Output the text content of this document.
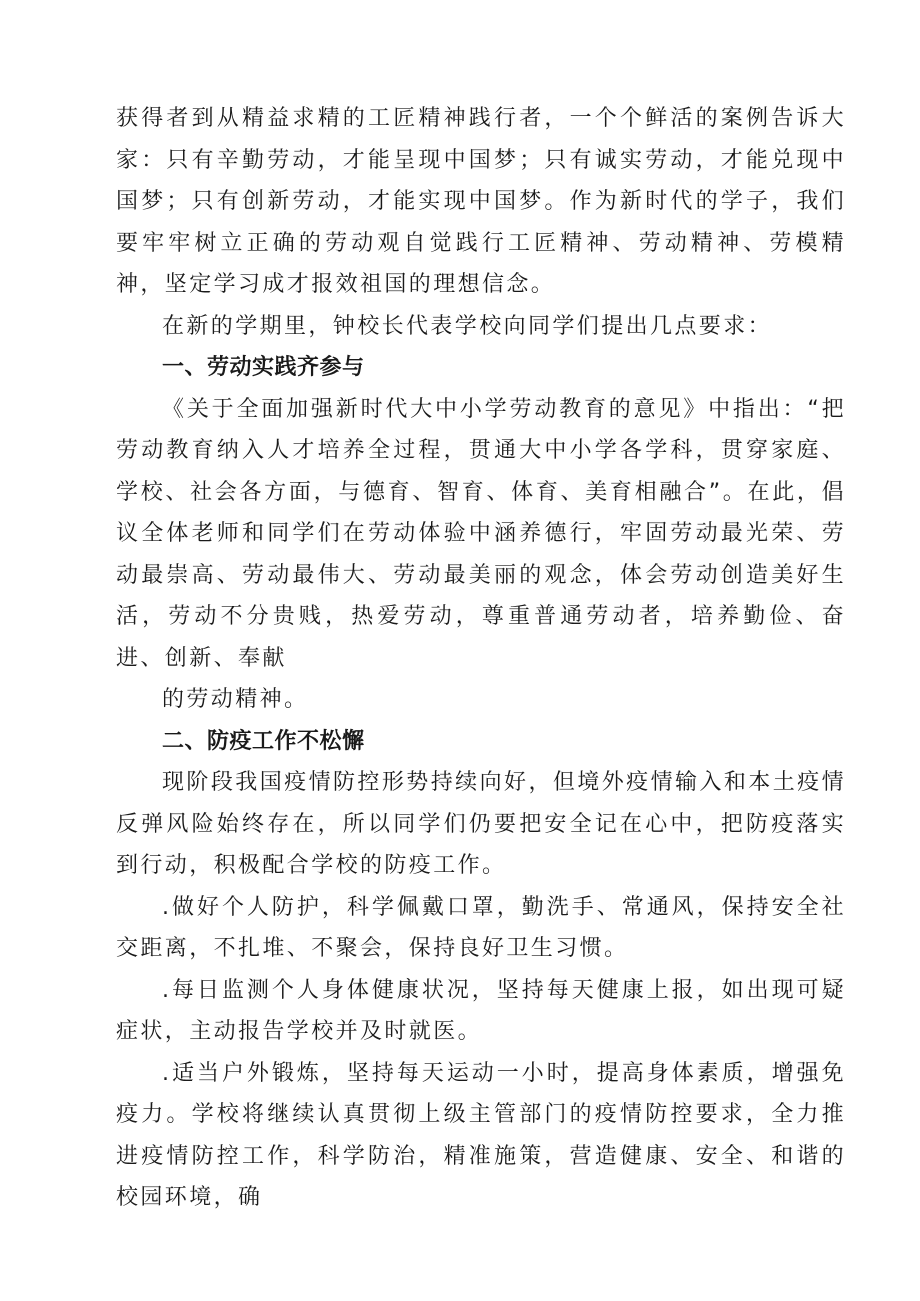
获得者到从精益求精的工匠精神践行者，一个个鲜活的案例告诉大家：只有辛勤劳动，才能呈现中国梦；只有诚实劳动，才能兑现中国梦；只有创新劳动，才能实现中国梦。作为新时代的学子，我们要牢牢树立正确的劳动观自觉践行工匠精神、劳动精神、劳模精神，坚定学习成才报效祖国的理想信念。

在新的学期里，钟校长代表学校向同学们提出几点要求：

一、劳动实践齐参与

《关于全面加强新时代大中小学劳动教育的意见》中指出：“把劳动教育纳入人才培养全过程，贯通大中小学各学科，贯穿家庭、学校、社会各方面，与德育、智育、体育、美育相融合”。在此，倡议全体老师和同学们在劳动体验中涵养德行，牢固劳动最光荣、劳动最崇高、劳动最伟大、劳动最美丽的观念，体会劳动创造美好生活，劳动不分贵贱，热爱劳动，尊重普通劳动者，培养勤俭、奋进、创新、奉献

的劳动精神。

二、防疫工作不松懈

现阶段我国疫情防控形势持续向好，但境外疫情输入和本土疫情反弹风险始终存在，所以同学们仍要把安全记在心中，把防疫落实到行动，积极配合学校的防疫工作。

.做好个人防护，科学佩戴口罩，勤洗手、常通风，保持安全社交距离，不扎堆、不聚会，保持良好卫生习惯。

.每日监测个人身体健康状况，坚持每天健康上报，如出现可疑症状，主动报告学校并及时就医。

.适当户外锻炼，坚持每天运动一小时，提高身体素质，增强免疫力。学校将继续认真贯彻上级主管部门的疫情防控要求，全力推进疫情防控工作，科学防治，精准施策，营造健康、安全、和谐的校园环境，确
